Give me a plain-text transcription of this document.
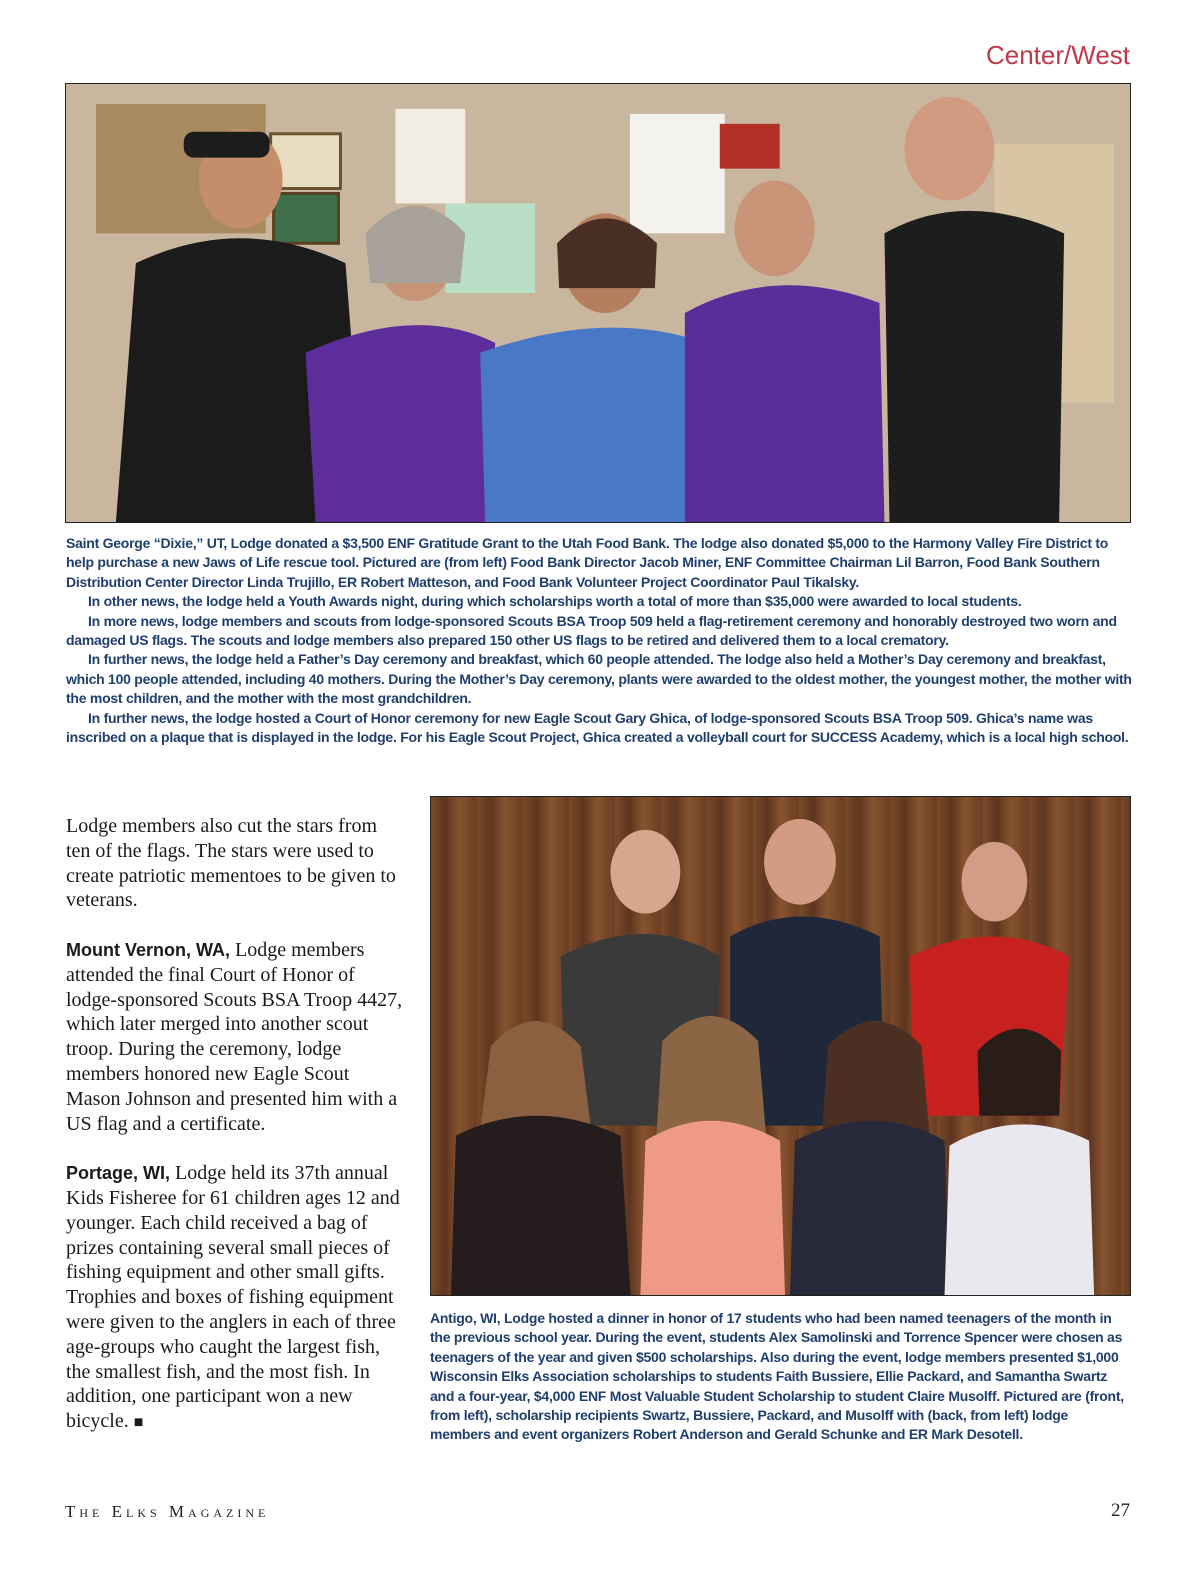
Center/West

Saint George “Dixie,” UT, Lodge donated a $3,500 ENF Gratitude Grant to the Utah Food Bank. The lodge also donated $5,000 to the Harmony Valley Fire District to help purchase a new Jaws of Life rescue tool. Pictured are (from left) Food Bank Director Jacob Miner, ENF Committee Chairman Lil Barron, Food Bank Southern Distribution Center Director Linda Trujillo, ER Robert Matteson, and Food Bank Volunteer Project Coordinator Paul Tikalsky.

In other news, the lodge held a Youth Awards night, during which scholarships worth a total of more than $35,000 were awarded to local students.

In more news, lodge members and scouts from lodge-sponsored Scouts BSA Troop 509 held a flag-retirement ceremony and honorably destroyed two worn and damaged US flags. The scouts and lodge members also prepared 150 other US flags to be retired and delivered them to a local crematory.

In further news, the lodge held a Father’s Day ceremony and breakfast, which 60 people attended. The lodge also held a Mother’s Day ceremony and breakfast, which 100 people attended, including 40 mothers. During the Mother’s Day ceremony, plants were awarded to the oldest mother, the youngest mother, the mother with the most children, and the mother with the most grandchildren.

In further news, the lodge hosted a Court of Honor ceremony for new Eagle Scout Gary Ghica, of lodge-sponsored Scouts BSA Troop 509. Ghica’s name was inscribed on a plaque that is displayed in the lodge. For his Eagle Scout Project, Ghica created a volleyball court for SUCCESS Academy, which is a local high school.

Lodge members also cut the stars from ten of the flags. The stars were used to create patriotic mementoes to be given to veterans.

Mount Vernon, WA, Lodge members attended the final Court of Honor of lodge-sponsored Scouts BSA Troop 4427, which later merged into another scout troop. During the ceremony, lodge members honored new Eagle Scout Mason Johnson and presented him with a US flag and a certificate.

Portage, WI, Lodge held its 37th annual Kids Fisheree for 61 children ages 12 and younger. Each child received a bag of prizes containing several small pieces of fishing equipment and other small gifts. Trophies and boxes of fishing equipment were given to the anglers in each of three age-groups who caught the largest fish, the smallest fish, and the most fish. In addition, one participant won a new bicycle. ■

Antigo, WI, Lodge hosted a dinner in honor of 17 students who had been named teenagers of the month in the previous school year. During the event, students Alex Samolinski and Torrence Spencer were chosen as teenagers of the year and given $500 scholarships. Also during the event, lodge members presented $1,000 Wisconsin Elks Association scholarships to students Faith Bussiere, Ellie Packard, and Samantha Swartz and a four-year, $4,000 ENF Most Valuable Student Scholarship to student Claire Musolff. Pictured are (front, from left), scholarship recipients Swartz, Bussiere, Packard, and Musolff with (back, from left) lodge members and event organizers Robert Anderson and Gerald Schunke and ER Mark Desotell.

The Elks Magazine	27
